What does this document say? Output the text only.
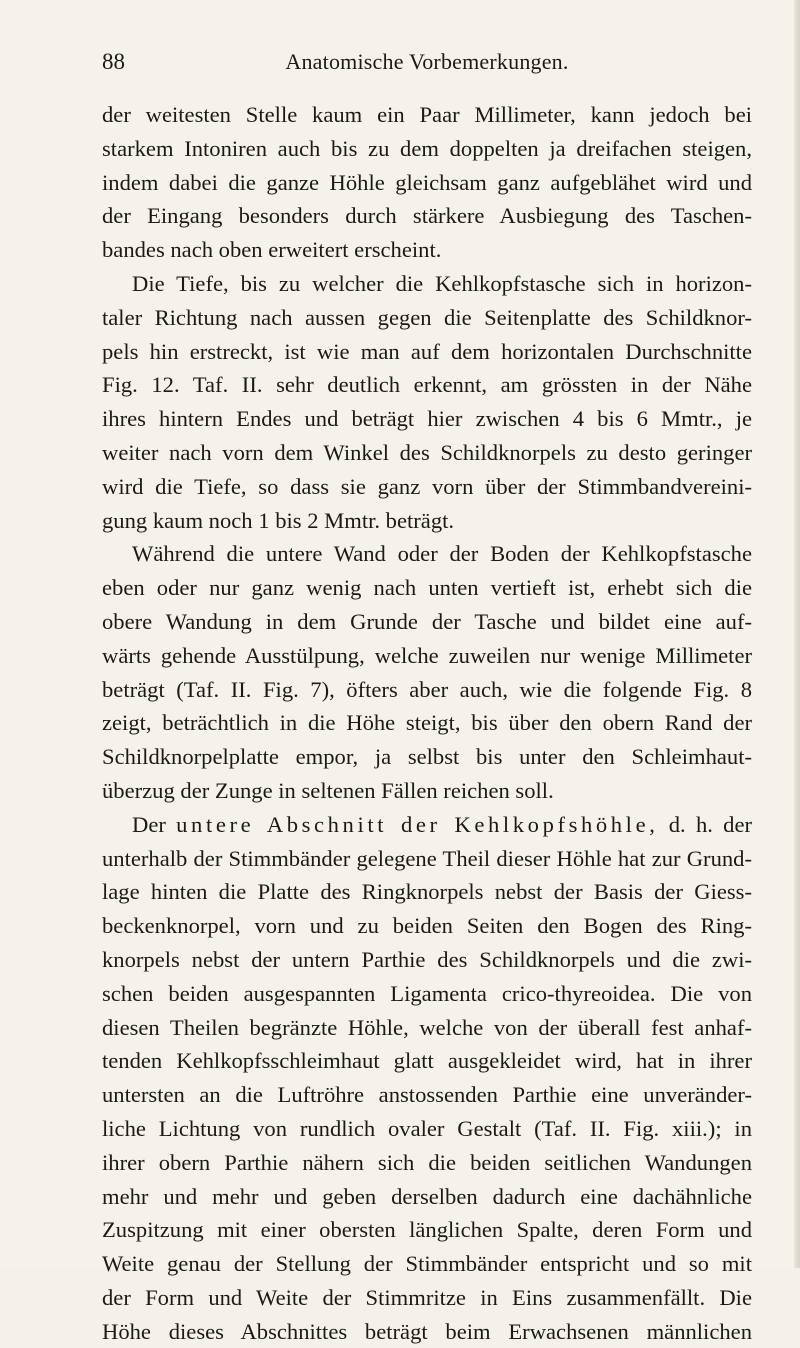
88	Anatomische Vorbemerkungen.
der weitesten Stelle kaum ein Paar Millimeter, kann jedoch bei
starkem Intoniren auch bis zu dem doppelten ja dreifachen steigen,
indem dabei die ganze Höhle gleichsam ganz aufgeblähet wird und
der Eingang besonders durch stärkere Ausbiegung des Taschen-
bandes nach oben erweitert erscheint.
Die Tiefe, bis zu welcher die Kehlkopfstasche sich in horizon-
taler Richtung nach aussen gegen die Seitenplatte des Schildknor-
pels hin erstreckt, ist wie man auf dem horizontalen Durchschnitte
Fig. 12. Taf. II. sehr deutlich erkennt, am grössten in der Nähe
ihres hintern Endes und beträgt hier zwischen 4 bis 6 Mmtr., je
weiter nach vorn dem Winkel des Schildknorpels zu desto geringer
wird die Tiefe, so dass sie ganz vorn über der Stimmbandvereini-
gung kaum noch 1 bis 2 Mmtr. beträgt.
Während die untere Wand oder der Boden der Kehlkopfstasche
eben oder nur ganz wenig nach unten vertieft ist, erhebt sich die
obere Wandung in dem Grunde der Tasche und bildet eine auf-
wärts gehende Ausstülpung, welche zuweilen nur wenige Millimeter
beträgt (Taf. II. Fig. 7), öfters aber auch, wie die folgende Fig. 8
zeigt, beträchtlich in die Höhe steigt, bis über den obern Rand der
Schildknorpelplatte empor, ja selbst bis unter den Schleimhaut-
überzug der Zunge in seltenen Fällen reichen soll.
Der untere Abschnitt der Kehlkopfshöhle, d. h. der
unterhalb der Stimmbänder gelegene Theil dieser Höhle hat zur Grund-
lage hinten die Platte des Ringknorpels nebst der Basis der Giess-
beckenknorpel, vorn und zu beiden Seiten den Bogen des Ring-
knorpels nebst der untern Parthie des Schildknorpels und die zwi-
schen beiden ausgespannten Ligamenta crico-thyreoidea. Die von
diesen Theilen begränzte Höhle, welche von der überall fest anhaf-
tenden Kehlkopfsschleimhaut glatt ausgekleidet wird, hat in ihrer
untersten an die Luftröhre anstossenden Parthie eine unveränder-
liche Lichtung von rundlich ovaler Gestalt (Taf. II. Fig. xiii.); in
ihrer obern Parthie nähern sich die beiden seitlichen Wandungen
mehr und mehr und geben derselben dadurch eine dachähnliche
Zuspitzung mit einer obersten länglichen Spalte, deren Form und
Weite genau der Stellung der Stimmbänder entspricht und so mit
der Form und Weite der Stimmritze in Eins zusammenfällt. Die
Höhe dieses Abschnittes beträgt beim Erwachsenen männlichen
